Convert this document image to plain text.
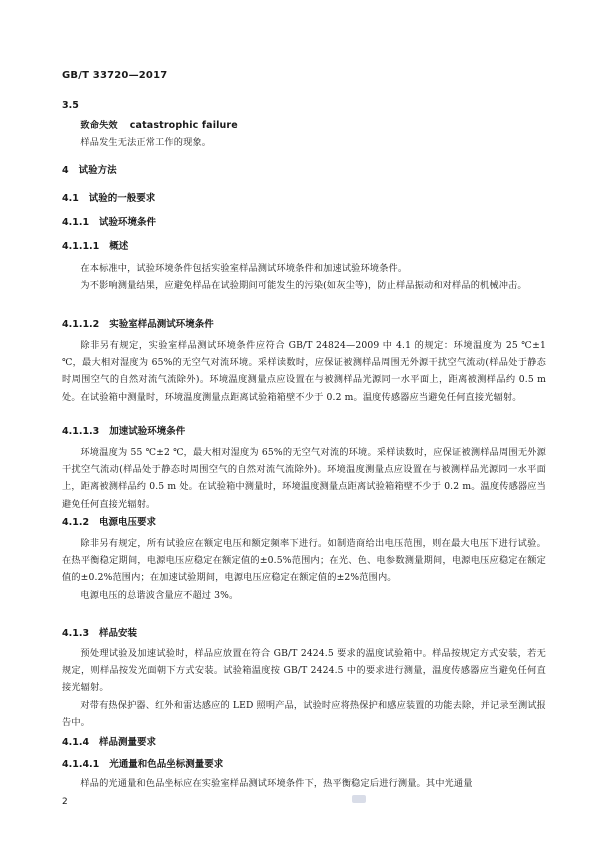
GB/T 33720—2017
3.5
致命失效 catastrophic failure
样品发生无法正常工作的现象。
4 试验方法
4.1 试验的一般要求
4.1.1 试验环境条件
4.1.1.1 概述
在本标准中，试验环境条件包括实验室样品测试环境条件和加速试验环境条件。
为不影响测量结果，应避免样品在试验期间可能发生的污染(如灰尘等)，防止样品振动和对样品的机械冲击。
4.1.1.2 实验室样品测试环境条件
除非另有规定，实验室样品测试环境条件应符合 GB/T 24824—2009 中 4.1 的规定：环境温度为 25 ℃±1 ℃，最大相对湿度为 65%的无空气对流环境。采样读数时，应保证被测样品周围无外源干扰空气流动(样品处于静态时周围空气的自然对流气流除外)。环境温度测量点应设置在与被测样品光源同一水平面上，距离被测样品约 0.5 m 处。在试验箱中测量时，环境温度测量点距离试验箱箱壁不少于 0.2 m。温度传感器应当避免任何直接光辐射。
4.1.1.3 加速试验环境条件
环境温度为 55 ℃±2 ℃，最大相对湿度为 65%的无空气对流的环境。采样读数时，应保证被测样品周围无外源干扰空气流动(样品处于静态时周围空气的自然对流气流除外)。环境温度测量点应设置在与被测样品光源同一水平面上，距离被测样品约 0.5 m 处。在试验箱中测量时，环境温度测量点距离试验箱箱壁不少于 0.2 m。温度传感器应当避免任何直接光辐射。
4.1.2 电源电压要求
除非另有规定，所有试验应在额定电压和额定频率下进行。如制造商给出电压范围，则在最大电压下进行试验。在热平衡稳定期间，电源电压应稳定在额定值的±0.5%范围内；在光、色、电参数测量期间，电源电压应稳定在额定值的±0.2%范围内；在加速试验期间，电源电压应稳定在额定值的±2%范围内。
电源电压的总谐波含量应不超过 3%。
4.1.3 样品安装
预处理试验及加速试验时，样品应放置在符合 GB/T 2424.5 要求的温度试验箱中。样品按规定方式安装，若无规定，则样品按发光面朝下方式安装。试验箱温度按 GB/T 2424.5 中的要求进行测量，温度传感器应当避免任何直接光辐射。
对带有热保护器、红外和雷达感应的 LED 照明产品，试验时应将热保护和感应装置的功能去除，并记录至测试报告中。
4.1.4 样品测量要求
4.1.4.1 光通量和色品坐标测量要求
样品的光通量和色品坐标应在实验室样品测试环境条件下，热平衡稳定后进行测量。其中光通量
2
